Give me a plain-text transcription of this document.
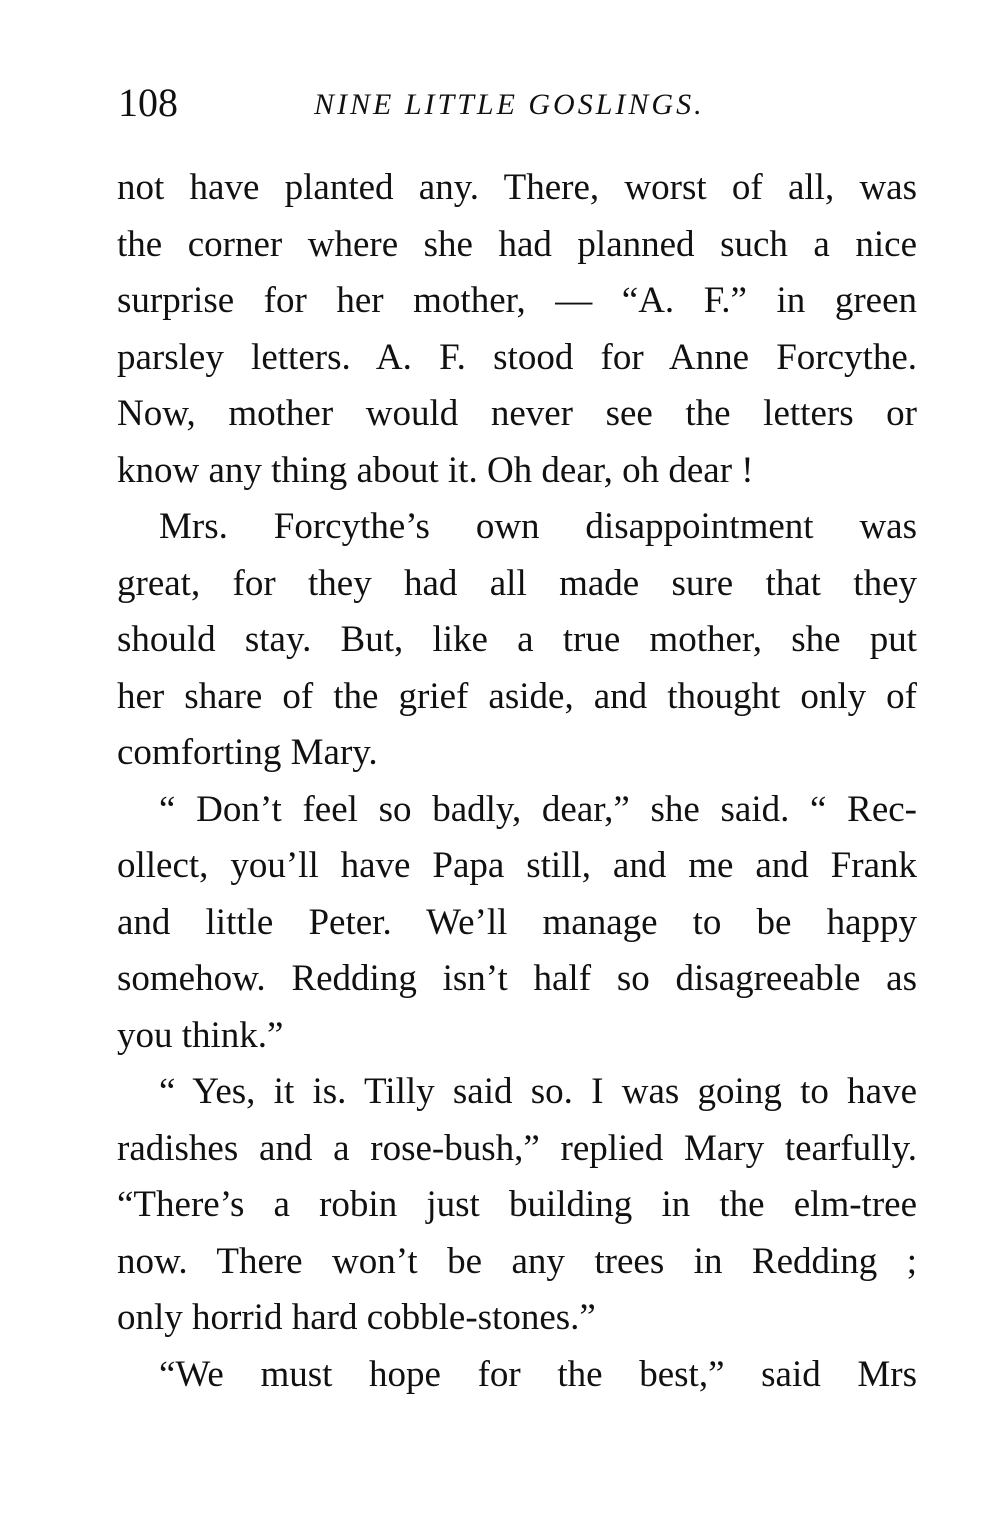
108	NINE LITTLE GOSLINGS.
not have planted any. There, worst of all, was
the corner where she had planned such a nice
surprise for her mother, — “A. F.” in green
parsley letters. A. F. stood for Anne Forcythe.
Now, mother would never see the letters or
know any thing about it. Oh dear, oh dear !
Mrs. Forcythe’s own disappointment was
great, for they had all made sure that they
should stay. But, like a true mother, she put
her share of the grief aside, and thought only of
comforting Mary.
“ Don’t feel so badly, dear,” she said. “ Rec-
ollect, you’ll have Papa still, and me and Frank
and little Peter. We’ll manage to be happy
somehow. Redding isn’t half so disagreeable as
you think.”
“ Yes, it is. Tilly said so. I was going to have
radishes and a rose-bush,” replied Mary tearfully.
“There’s a robin just building in the elm-tree
now. There won’t be any trees in Redding ;
only horrid hard cobble-stones.”
“We must hope for the best,” said Mrs
